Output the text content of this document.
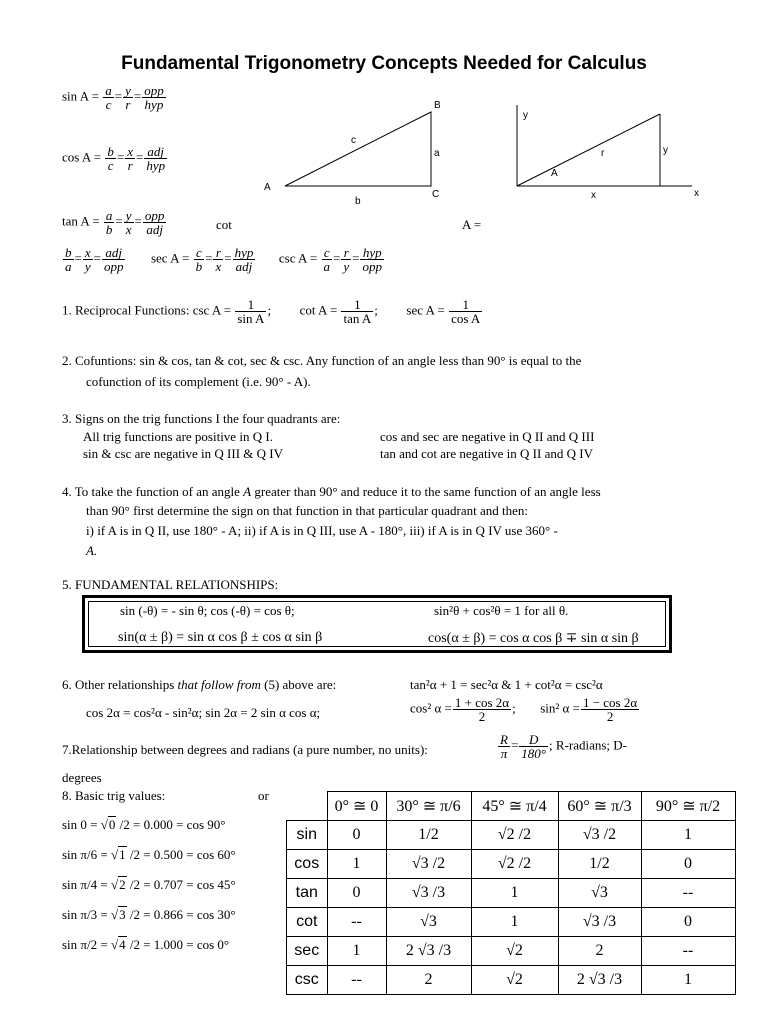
Fundamental Trigonometry Concepts Needed for Calculus
$\sin A = \frac{a}{c} = \frac{y}{r} = \frac{\text{opp}}{\text{hyp}}$
$\cos A = \frac{b}{c} = \frac{x}{r} = \frac{\text{adj}}{\text{hyp}}$
B
c
a
A
C
b
y
r	y
A
x	x
$\tan A = \frac{a}{b} = \frac{y}{x} = \frac{\text{opp}}{\text{adj}}$	cot	A =
$\frac{b}{a} = \frac{x}{y} = \frac{\text{adj}}{\text{opp}}$ $\sec A = \frac{c}{b} = \frac{r}{x} = \frac{\text{hyp}}{\text{adj}}$ $\csc A = \frac{c}{a} = \frac{r}{y} = \frac{\text{hyp}}{\text{opp}}$
1. Reciprocal Functions: $\csc A = \frac{1}{\text{sin A}}$ ; $\cot A = \frac{1}{\text{tan A}}$ ; $\sec A = \frac{1}{\text{cos A}}$
2. Cofuntions: sin & cos, tan & cot, sec & csc. Any function of an angle less than 90° is equal to the
cofunction of its complement (i.e. 90° - A).
3. Signs on the trig functions I the four quadrants are:
All trig functions are positive in Q I.	cos and sec are negative in Q II and Q III
sin & csc are negative in Q III & Q IV	tan and cot are negative in Q II and Q IV
4. To take the function of an angle A greater than 90° and reduce it to the same function of an angle less
than 90° first determine the sign on that function in that particular quadrant and then:
i) if A is in Q II, use 180° - A; ii) if A is in Q III, use A - 180°, iii) if A is in Q IV use 360° -
A.
5. FUNDAMENTAL RELATIONSHIPS:
sin (-θ) = - sin θ; cos (-θ) = cos θ;	sin²θ + cos²θ = 1 for all θ.
sin(α ± β) = sin α cos β ± cos α sin β	cos(α ± β) = cos α cos β ∓ sin α sin β
6. Other relationships that follow from (5) above are:	tan²α + 1 = sec²α & 1 + cot²α = csc²α
cos 2α = cos²α - sin²α; sin 2α = 2 sin α cos α;	cos² $\alpha = \frac{1 + \cos 2\alpha}{2}$ ; sin² $\alpha = \frac{1 - \cos 2\alpha}{2}$
7.Relationship between degrees and radians (a pure number, no units):	$\frac{R}{\pi} = \frac{D}{180^\circ}$ ; R-radians; D-
degrees
8. Basic trig values:	or
sin 0 = √0 /2 = 0.000 = cos 90°
sin π/6 = √1 /2 = 0.500 = cos 60°
sin π/4 = √2 /2 = 0.707 = cos 45°
sin π/3 = √3 /2 = 0.866 = cos 30°
sin π/2 = √4 /2 = 1.000 = cos 0°
	0° ≅ 0	30° ≅ π/6	45° ≅ π/4	60° ≅ π/3	90° ≅ π/2
sin	0	1/2	√2 /2	√3 /2	1
cos	1	√3 /2	√2 /2	1/2	0
tan	0	√3 /3	1	√3	--
cot	--	√3	1	√3 /3	0
sec	1	2 √3 /3	√2	2	--
csc	--	2	√2	2 √3 /3	1
